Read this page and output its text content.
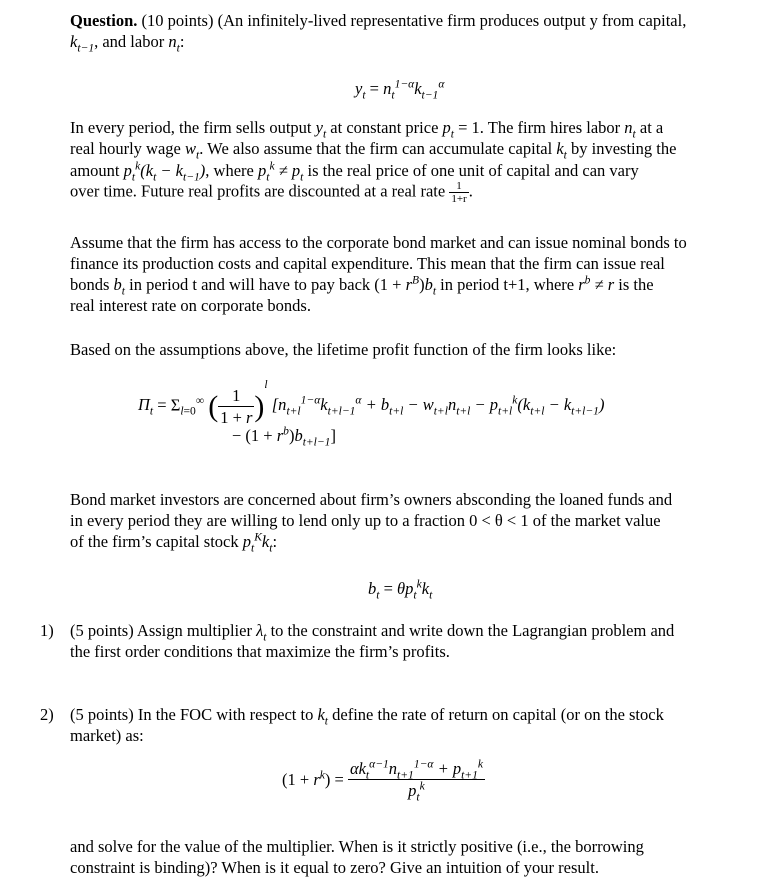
Question. (10 points) (An infinitely-lived representative firm produces output y from capital,
$k_{t-1}$, and labor $n_t$:
$y_t = n_t^{1-\alpha}k_{t-1}^\alpha$
In every period, the firm sells output $y_t$ at constant price $p_t = 1$. The firm hires labor $n_t$ at a
real hourly wage $w_t$. We also assume that the firm can accumulate capital $k_t$ by investing the
amount $p_t^k(k_t - k_{t-1})$, where $p_t^k \ne p_t$ is the real price of one unit of capital and can vary
over time. Future real profits are discounted at a real rate $\frac{1}{1+r}$ .
Assume that the firm has access to the corporate bond market and can issue nominal bonds to
finance its production costs and capital expenditure. This mean that the firm can issue real
bonds $b_t$ in period t and will have to pay back $(1 + r^B)b_t$ in period t+1, where $r^b \ne r$ is the
real interest rate on corporate bonds.
Based on the assumptions above, the lifetime profit function of the firm looks like:
$\Pi_t = \Sigma_{l=0}^\infty$ ( $\frac{1}{1 + r} )^l$ [$n_{t+l}^{1-\alpha}k_{t+l-1}^\alpha + b_{t+l} - w_{t+l}n_{t+l} - p_{t+l}^k(k_{t+l} - k_{t+l-1})$
− $(1 + r^b)b_{t+l-1}$]
Bond market investors are concerned about firm’s owners absconding the loaned funds and
in every period they are willing to lend only up to a fraction 0 < θ < 1 of the market value
of the firm’s capital stock $p_t^Kk_t$:
$b_t = \theta p_t^kk_t$
1) (5 points) Assign multiplier $\lambda_t$ to the constraint and write down the Lagrangian problem and
the first order conditions that maximize the firm’s profits.
2) (5 points) In the FOC with respect to $k_t$ define the rate of return on capital (or on the stock
market) as:
$(1 + r^k) = \frac{\alpha k_t^{\alpha-1}n_{t+1}^{1-\alpha} + p_{t+1}^k}{p_t^k}$
and solve for the value of the multiplier. When is it strictly positive (i.e., the borrowing
constraint is binding)? When is it equal to zero? Give an intuition of your result.
